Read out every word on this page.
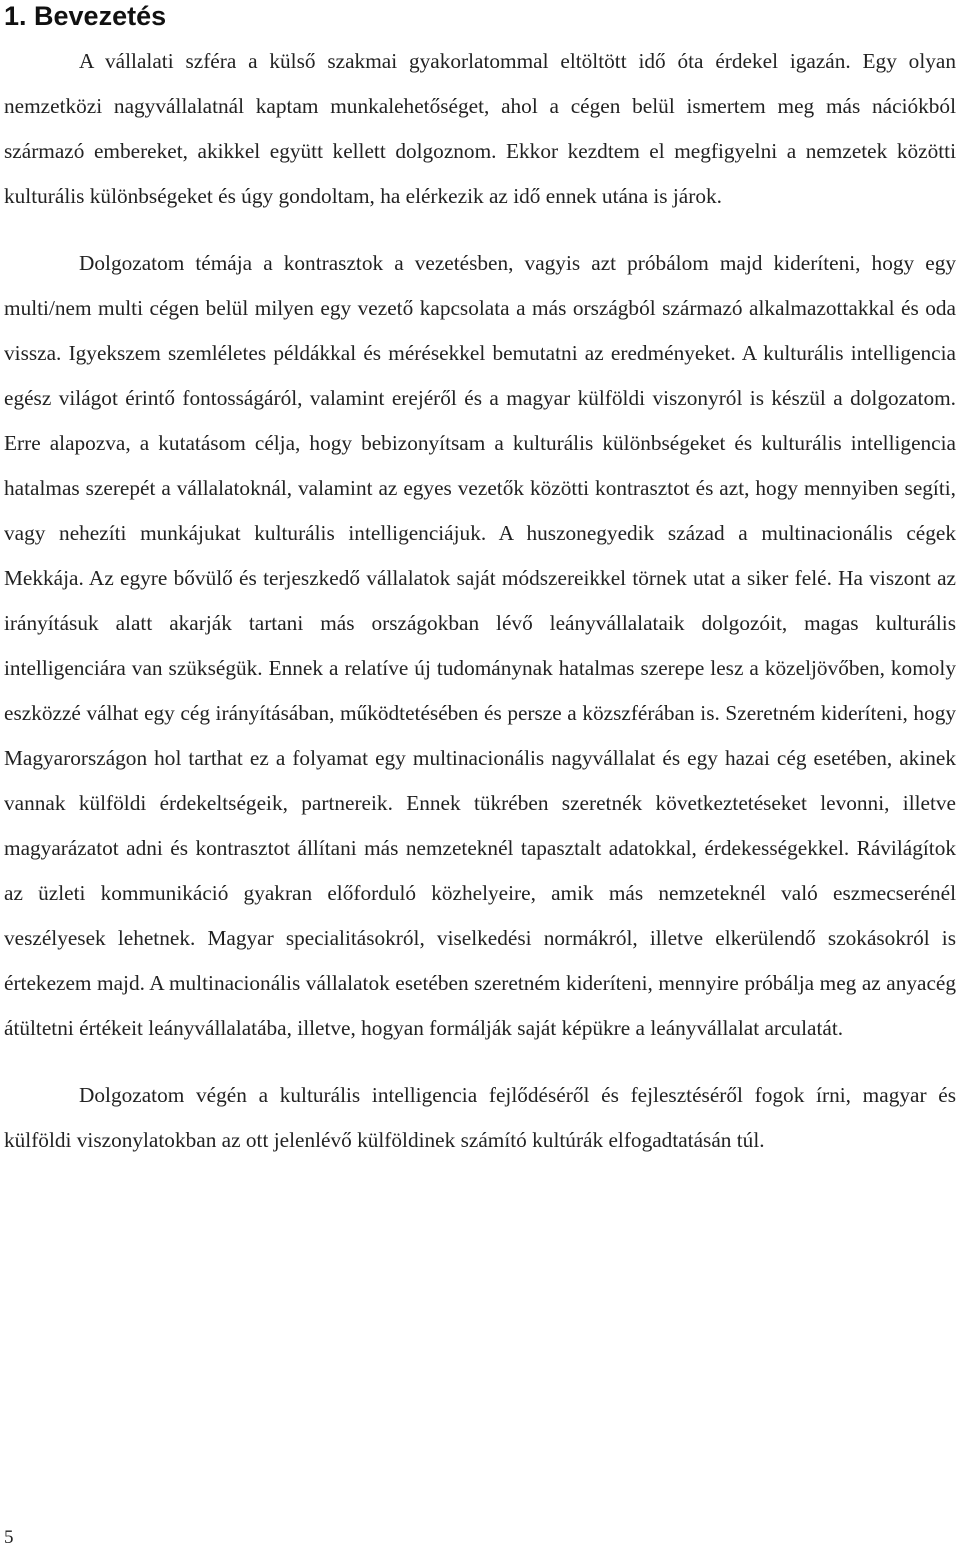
1. Bevezetés

A vállalati szféra a külső szakmai gyakorlatommal eltöltött idő óta érdekel igazán. Egy olyan nemzetközi nagyvállalatnál kaptam munkalehetőséget, ahol a cégen belül ismertem meg más nációkból származó embereket, akikkel együtt kellett dolgoznom. Ekkor kezdtem el megfigyelni a nemzetek közötti kulturális különbségeket és úgy gondoltam, ha elérkezik az idő ennek utána is járok.

Dolgozatom témája a kontrasztok a vezetésben, vagyis azt próbálom majd kideríteni, hogy egy multi/nem multi cégen belül milyen egy vezető kapcsolata a más országból származó alkalmazottakkal és oda vissza. Igyekszem szemléletes példákkal és mérésekkel bemutatni az eredményeket. A kulturális intelligencia egész világot érintő fontosságáról, valamint erejéről és a magyar külföldi viszonyról is készül a dolgozatom. Erre alapozva, a kutatásom célja, hogy bebizonyítsam a kulturális különbségeket és kulturális intelligencia hatalmas szerepét a vállalatoknál, valamint az egyes vezetők közötti kontrasztot és azt, hogy mennyiben segíti, vagy nehezíti munkájukat kulturális intelligenciájuk. A huszonegyedik század a multinacionális cégek Mekkája. Az egyre bővülő és terjeszkedő vállalatok saját módszereikkel törnek utat a siker felé. Ha viszont az irányításuk alatt akarják tartani más országokban lévő leányvállalataik dolgozóit, magas kulturális intelligenciára van szükségük. Ennek a relatíve új tudománynak hatalmas szerepe lesz a közeljövőben, komoly eszközzé válhat egy cég irányításában, működtetésében és persze a közszférában is. Szeretném kideríteni, hogy Magyarországon hol tarthat ez a folyamat egy multinacionális nagyvállalat és egy hazai cég esetében, akinek vannak külföldi érdekeltségeik, partnereik. Ennek tükrében szeretnék következtetéseket levonni, illetve magyarázatot adni és kontrasztot állítani más nemzeteknél tapasztalt adatokkal, érdekességekkel. Rávilágítok az üzleti kommunikáció gyakran előforduló közhelyeire, amik más nemzeteknél való eszmecserénél veszélyesek lehetnek. Magyar specialitásokról, viselkedési normákról, illetve elkerülendő szokásokról is értekezem majd. A multinacionális vállalatok esetében szeretném kideríteni, mennyire próbálja meg az anyacég átültetni értékeit leányvállalatába, illetve, hogyan formálják saját képükre a leányvállalat arculatát.

Dolgozatom végén a kulturális intelligencia fejlődéséről és fejlesztéséről fogok írni, magyar és külföldi viszonylatokban az ott jelenlévő külföldinek számító kultúrák elfogadtatásán túl.

5
